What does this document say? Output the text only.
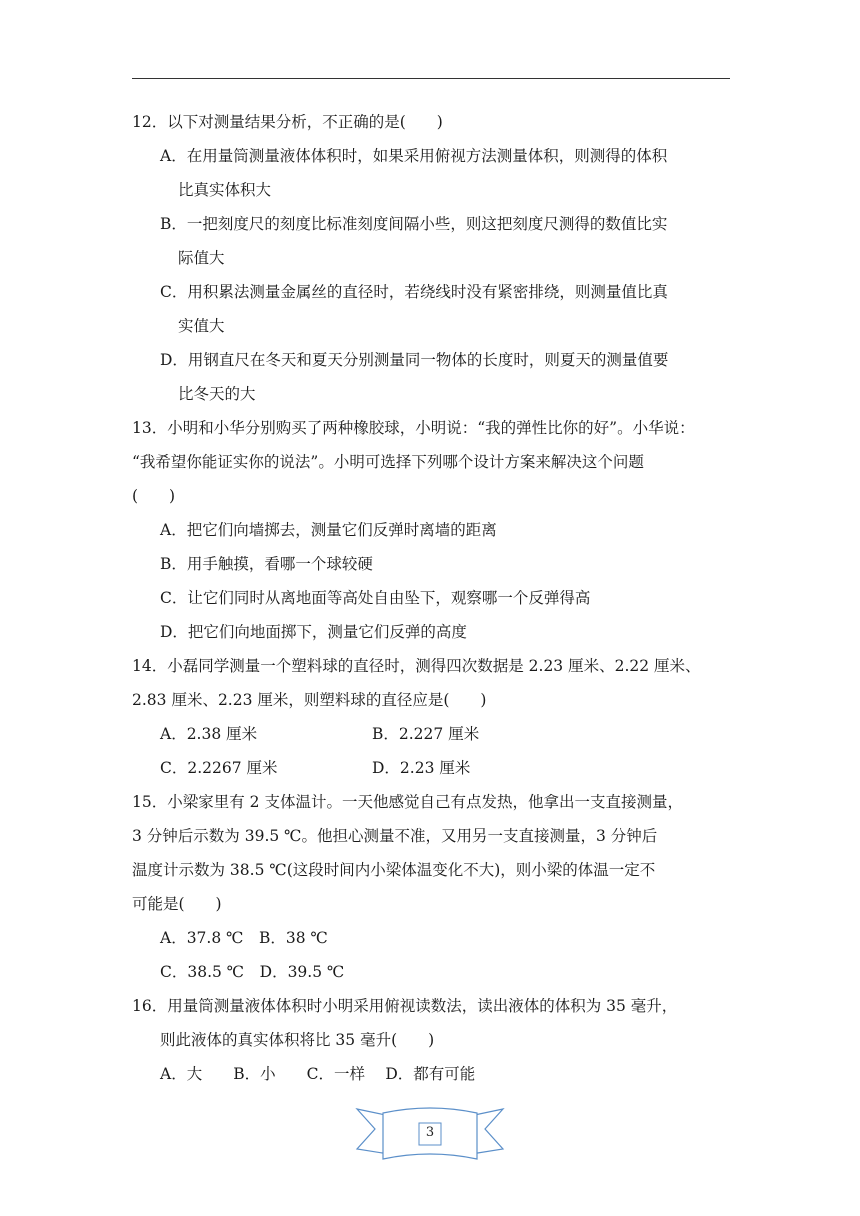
12．以下对测量结果分析，不正确的是(　　)
A．在用量筒测量液体体积时，如果采用俯视方法测量体积，则测得的体积
比真实体积大
B．一把刻度尺的刻度比标准刻度间隔小些，则这把刻度尺测得的数值比实
际值大
C．用积累法测量金属丝的直径时，若绕线时没有紧密排绕，则测量值比真
实值大
D．用钢直尺在冬天和夏天分别测量同一物体的长度时，则夏天的测量值要
比冬天的大
13．小明和小华分别购买了两种橡胶球，小明说：“我的弹性比你的好”。小华说：
“我希望你能证实你的说法”。小明可选择下列哪个设计方案来解决这个问题
(　　)
A．把它们向墙掷去，测量它们反弹时离墙的距离
B．用手触摸，看哪一个球较硬
C．让它们同时从离地面等高处自由坠下，观察哪一个反弹得高
D．把它们向地面掷下，测量它们反弹的高度
14．小磊同学测量一个塑料球的直径时，测得四次数据是 2.23 厘米、2.22 厘米、
2.83 厘米、2.23 厘米，则塑料球的直径应是(　　)
A．2.38 厘米	B．2.227 厘米
C．2.2267 厘米	D．2.23 厘米
15．小梁家里有 2 支体温计。一天他感觉自己有点发热，他拿出一支直接测量，
3 分钟后示数为 39.5 ℃。他担心测量不准，又用另一支直接测量，3 分钟后
温度计示数为 38.5 ℃(这段时间内小梁体温变化不大)，则小梁的体温一定不
可能是(　　)
A．37.8 ℃　B．38 ℃
C．38.5 ℃　D．39.5 ℃
16．用量筒测量液体体积时小明采用俯视读数法，读出液体的体积为 35 毫升，
则此液体的真实体积将比 35 毫升(　　)
A．大　　B．小　　C．一样　 D．都有可能
3
